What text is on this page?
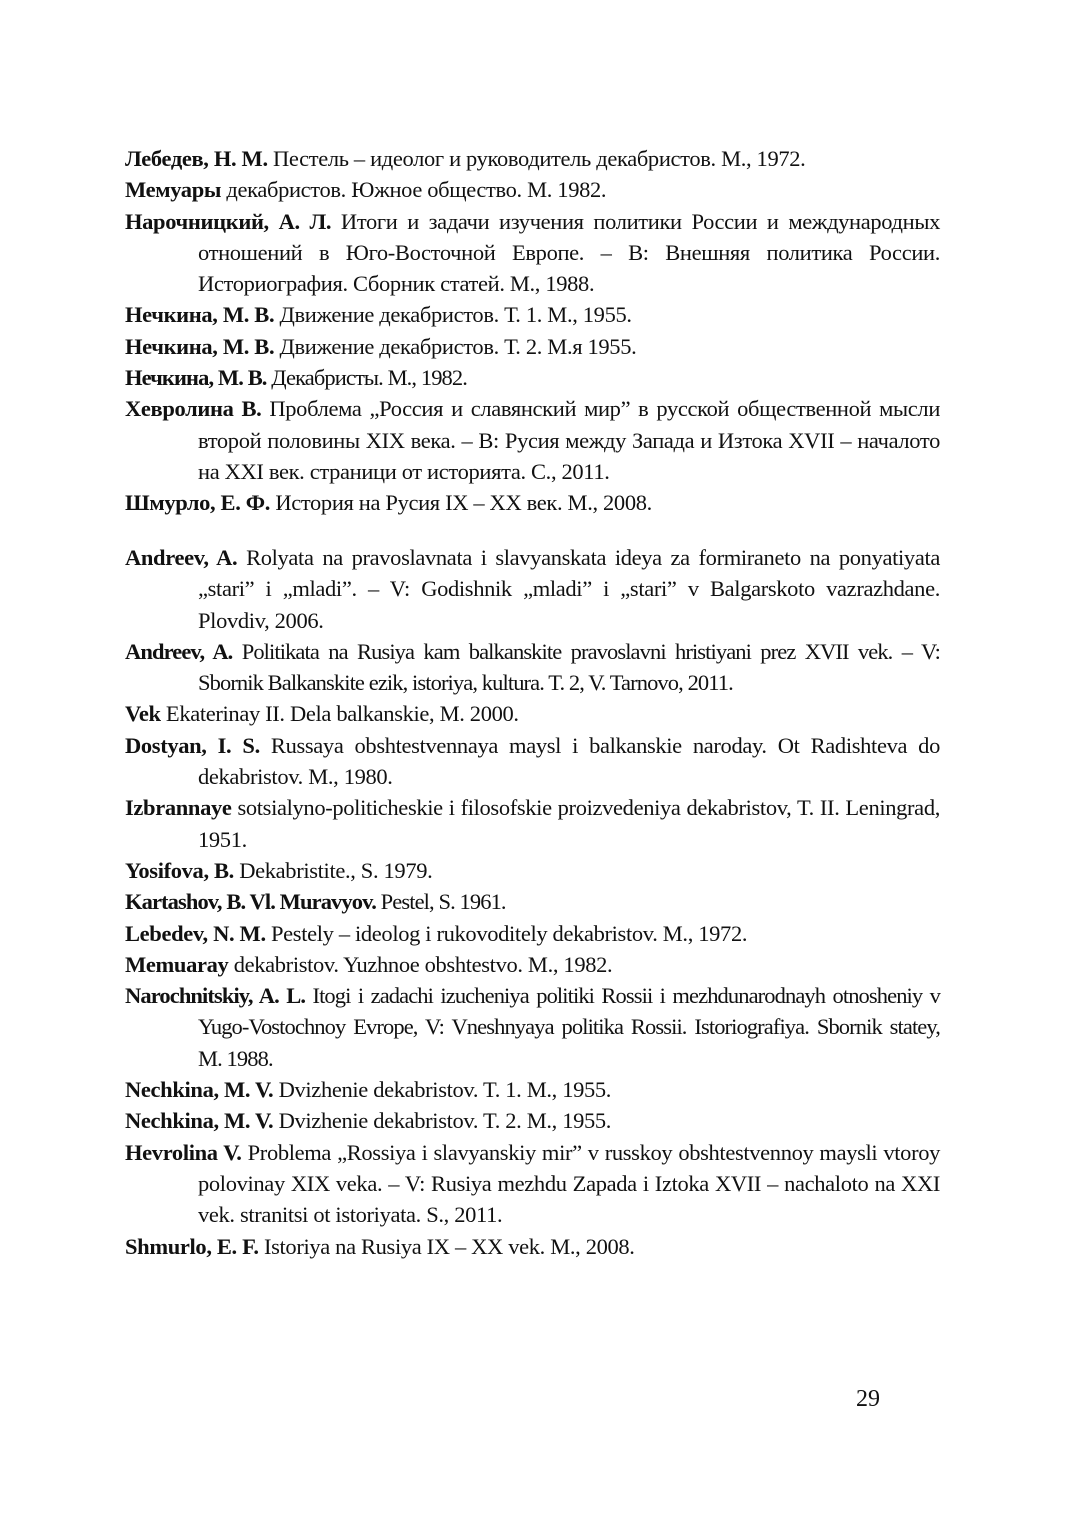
Лебедев, Н. М. Пестель – идеолог и руководитель декабристов. М., 1972.

Мемуары декабристов. Южное общество. М. 1982.

Нарочницкий, А. Л. Итоги и задачи изучения политики России и международных отношений в Юго-Восточной Европе. – В: Внешняя политика России. Историография. Сборник статей. М., 1988.

Нечкина, М. В. Движение декабристов. Т. 1. М., 1955.

Нечкина, М. В. Движение декабристов. Т. 2. М.я 1955.

Нечкина, М. В. Декабристы. М., 1982.

Хевролина В. Проблема „Россия и славянский мир” в русской общественной мысли второй половины XIX века. – В: Русия между Запада и Изтока XVII – началото на XXI век. страници от историята. С., 2011.

Шмурло, Е. Ф. История на Русия IX – XX век. М., 2008.

Andreev, A. Rolyata na pravoslavnata i slavyanskata ideya za formiraneto na ponyatiyata „stari” i „mladi”. – V: Godishnik „mladi” i „stari” v Balgarskoto vazrazhdane. Plovdiv, 2006.

Andreev, A. Politikata na Rusiya kam balkanskite pravoslavni hristiyani prez XVII vek. – V: Sbornik Balkanskite ezik, istoriya, kultura. T. 2, V. Tarnovo, 2011.

Vek Ekaterinay II. Dela balkanskie, M. 2000.

Dostyan, I. S. Russaya obshtestvennaya maysl i balkanskie naroday. Ot Radishteva do dekabristov. M., 1980.

Izbrannaye sotsialyno-politicheskie i filosofskie proizvedeniya dekabristov, T. II. Leningrad, 1951.

Yosifova, B. Dekabristite., S. 1979.

Kartashov, B. Vl. Muravyov. Pestel, S. 1961.

Lebedev, N. M. Pestely – ideolog i rukovoditely dekabristov. M., 1972.

Memuaray dekabristov. Yuzhnoe obshtestvo. M., 1982.

Narochnitskiy, A. L. Itogi i zadachi izucheniya politiki Rossii i mezhdunarodnayh otnosheniy v Yugo-Vostochnoy Evrope, V: Vneshnyaya politika Rossii. Istoriografiya. Sbornik statey, M. 1988.

Nechkina, M. V. Dvizhenie dekabristov. T. 1. M., 1955.

Nechkina, M. V. Dvizhenie dekabristov. T. 2. M., 1955.

Hevrolina V. Problema „Rossiya i slavyanskiy mir” v russkoy obshtestvennoy maysli vtoroy polovinay XIX veka. – V: Rusiya mezhdu Zapada i Iztoka XVII – nachaloto na XXI vek. stranitsi ot istoriyata. S., 2011.

Shmurlo, E. F. Istoriya na Rusiya IX – XX vek. M., 2008.

29
